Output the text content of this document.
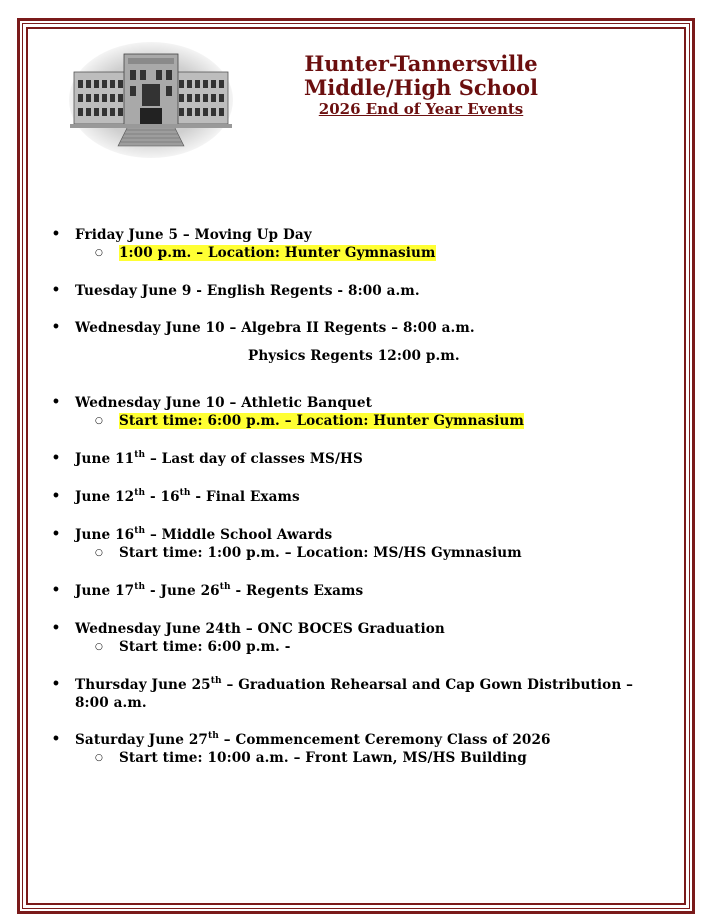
Hunter-Tannersville
Middle/High School
2026 End of Year Events
• Friday June 5 – Moving Up Day
○ 1:00 p.m. – Location: Hunter Gymnasium
• Tuesday June 9 - English Regents - 8:00 a.m.
• Wednesday June 10 – Algebra II Regents – 8:00 a.m.
Physics Regents 12:00 p.m.
• Wednesday June 10 – Athletic Banquet
○ Start time: 6:00 p.m. – Location: Hunter Gymnasium
• June 11th – Last day of classes MS/HS
• June 12th - 16th - Final Exams
• June 16th – Middle School Awards
○ Start time: 1:00 p.m. – Location: MS/HS Gymnasium
• June 17th - June 26th - Regents Exams
• Wednesday June 24th – ONC BOCES Graduation
○ Start time: 6:00 p.m. -
• Thursday June 25th – Graduation Rehearsal and Cap Gown Distribution –
8:00 a.m.
• Saturday June 27th – Commencement Ceremony Class of 2026
○ Start time: 10:00 a.m. – Front Lawn, MS/HS Building
